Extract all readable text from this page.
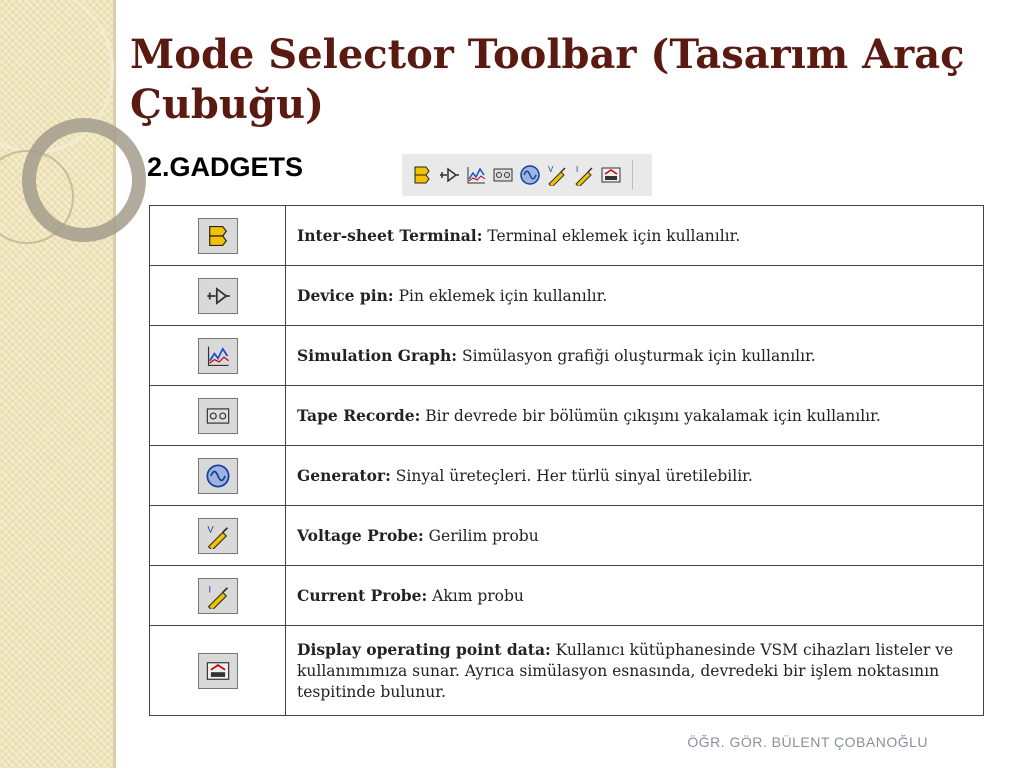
Mode Selector Toolbar (Tasarım Araç Çubuğu)
2.GADGETS	V	I
	Inter-sheet Terminal: Terminal eklemek için kullanılır.

	Device pin: Pin eklemek için kullanılır.

	Simulation Graph: Simülasyon grafiği oluşturmak için kullanılır.

	Tape Recorde: Bir devrede bir bölümün çıkışını yakalamak için kullanılır.

	Generator: Sinyal üreteçleri. Her türlü sinyal üretilebilir.

V	Voltage Probe: Gerilim probu

I	Current Probe: Akım probu

	Display operating point data: Kullanıcı kütüphanesinde VSM cihazları listeler ve kullanımımıza sunar. Ayrıca simülasyon esnasında, devredeki bir işlem noktasının tespitinde bulunur.
ÖĞR. GÖR. BÜLENT ÇOBANOĞLU
